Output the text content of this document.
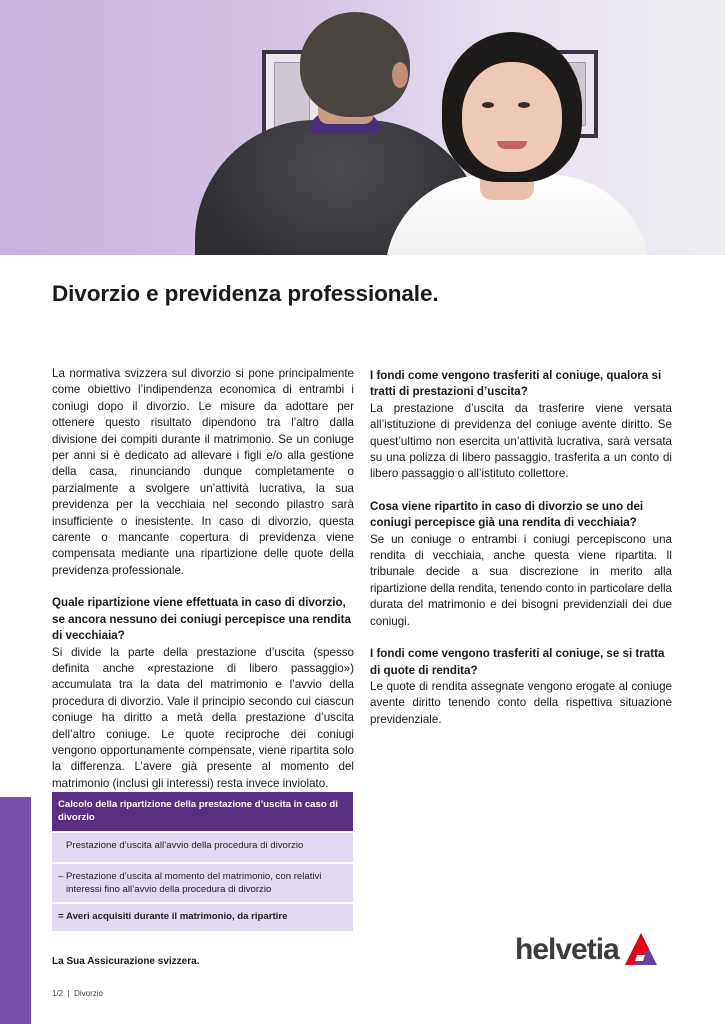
Divorzio e previdenza professionale.

La normativa svizzera sul divorzio si pone principalmente come obiettivo l’indipendenza economica di entrambi i coniugi dopo il divorzio. Le misure da adottare per ottenere questo risultato dipendono tra l’altro dalla divisione dei compiti durante il matrimonio. Se un coniuge per anni si è dedicato ad allevare i figli e/o alla gestione della casa, rinunciando dunque completamente o parzialmente a svolgere un’attività lucrativa, la sua previdenza per la vecchiaia nel secondo pilastro sarà insufficiente o inesistente. In caso di divorzio, questa carente o mancante copertura di previdenza viene compensata mediante una ripartizione delle quote della previdenza professionale.

Quale ripartizione viene effettuata in caso di divorzio, se ancora nessuno dei coniugi percepisce una rendita di vecchiaia?

Si divide la parte della prestazione d’uscita (spesso definita anche «prestazione di libero passaggio») accumulata tra la data del matrimonio e l’avvio della procedura di divorzio. Vale il principio secondo cui ciascun coniuge ha diritto a metà della prestazione d’uscita dell’altro coniuge. Le quote reciproche dei coniugi vengono opportunamente compensate, viene ripartita solo la differenza. L’avere già presente al momento del matrimonio (inclusi gli interessi) resta invece inviolato.

I fondi come vengono trasferiti al coniuge, qualora si tratti di prestazioni d’uscita?

La prestazione d’uscita da trasferire viene versata all’istituzione di previdenza del coniuge avente diritto. Se quest’ultimo non esercita un’attività lucrativa, sarà versata su una polizza di libero passaggio, trasferita a un conto di libero passaggio o all’istituto collettore.

Cosa viene ripartito in caso di divorzio se uno dei coniugi percepisce già una rendita di vecchiaia?

Se un coniuge o entrambi i coniugi percepiscono una rendita di vecchiaia, anche questa viene ripartita. Il tribunale decide a sua discrezione in merito alla ripartizione della rendita, tenendo conto in particolare della durata del matrimonio e dei bisogni previdenziali dei due coniugi.

I fondi come vengono trasferiti al coniuge, se si tratta di quote di rendita?

Le quote di rendita assegnate vengono erogate al coniuge avente diritto tenendo conto della rispettiva situazione previdenziale.

Calcolo della ripartizione della prestazione d’uscita in caso di divorzio
Prestazione d’uscita all’avvio della procedura di divorzio
– Prestazione d’uscita al momento del matrimonio, con relativi interessi fino all’avvio della procedura di divorzio
= Averi acquisiti durante il matrimonio, da ripartire
La Sua Assicurazione svizzera.
1/2  |  Divorzio
helvetia
